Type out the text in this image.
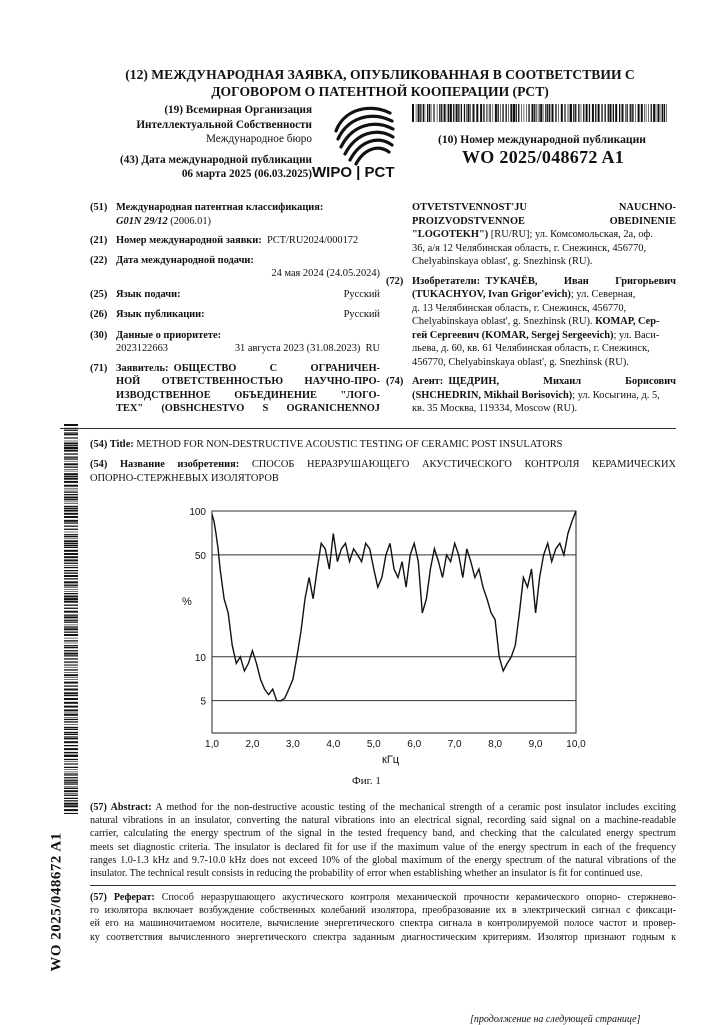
(12) МЕЖДУНАРОДНАЯ ЗАЯВКА, ОПУБЛИКОВАННАЯ В СООТВЕТСТВИИ С ДОГОВОРОМ О ПАТЕНТНОЙ КООПЕРАЦИИ (PCT)
(19) Всемирная Организация
Интеллектуальной Собственности
Международное бюро
(43) Дата международной публикации
06 марта 2025 (06.03.2025) WIPO | PCT
(10) Номер международной публикации
WO 2025/048672 A1
(51) Международная патентная классификация:
G01N 29/12 (2006.01)
(21) Номер международной заявки:
PCT/RU2024/000172
(22) Дата международной подачи:
24 мая 2024 (24.05.2024)
(25) Язык подачи:	Русский
(26) Язык публикации:	Русский
(30) Данные о приоритете:
2023122663	31 августа 2023 (31.08.2023)
RU
(71) Заявитель:
ОБЩЕСТВО С ОГРАНИЧЕН-
НОЙ ОТВЕТСТВЕННОСТЬЮ НАУЧНО-ПРО-
ИЗВОДСТВЕННОЕ ОБЪЕДИНЕНИЕ "ЛОГО-
ТЕХ" (OBSHCHESTVO S OGRANICHENNOJ
OTVETSTVENNOST'JU NAUCHNO-
PROIZVODSTVENNOE OBEDINENIE
"LOGOTEKH") [RU/RU]; ул. Комсомольская, 2а, оф.
36, а/я 12 Челябинская область, г. Снежинск, 456770,
Chelyabinskaya oblast', g. Snezhinsk (RU).
(72) Изобретатели:
ТУКАЧЁВ, Иван Григорьевич
(TUKACHYOV, Ivan Grigor'evich); ул. Северная,
д. 13 Челябинская область, г. Снежинск, 456770,
Chelyabinskaya oblast', g. Snezhinsk (RU). КОМАР, Сер-
гей Сергеевич (KOMAR, Sergej Sergeevich); ул. Васи-
льева, д. 60, кв. 61 Челябинская область, г. Снежинск,
456770, Chelyabinskaya oblast', g. Snezhinsk (RU).
(74) Агент:
ЩЕДРИН, Михаил Борисович
(SHCHEDRIN, Mikhail Borisovich); ул. Косыгина, д. 5,
кв. 35 Москва, 119334, Moscow (RU).
WO 2025/048672 A1
(54) Title: METHOD FOR NON-DESTRUCTIVE ACOUSTIC TESTING OF CERAMIC POST INSULATORS
(54) Название изобретения: СПОСОБ НЕРАЗРУШАЮЩЕГО АКУСТИЧЕСКОГО КОНТРОЛЯ КЕРАМИЧЕСКИХ
ОПОРНО-СТЕРЖНЕВЫХ ИЗОЛЯТОРОВ
100
50
10
5
1,0	2,0	3,0	4,0	5,0	6,0	7,0	8,0	9,0 10,0
%
кГц
Фиг. 1
(57) Abstract: A method for the non-destructive acoustic testing of the mechanical strength of a ceramic post insulator includes exciting
natural vibrations in an insulator, converting the natural vibrations into an electrical signal, recording said signal on a machine-readable
carrier, calculating the energy spectrum of the signal in the tested frequency band, and checking that the calculated energy spectrum
meets set diagnostic criteria. The insulator is declared fit for use if the maximum value of the energy spectrum in each of the frequency
ranges 1.0-1.3 kHz and 9.7-10.0 kHz does not exceed 10% of the global maximum of the energy spectrum of the natural vibrations of the
insulator. The technical result consists in reducing the probability of error when establishing whether an insulator is fit for continued use.
(57) Реферат: Способ неразрушающего акустического контроля механической прочности керамического опорно- стержнево-
го изолятора включает возбуждение собственных колебаний изолятора, преобразование их в электрический сигнал с фиксаци-
ей его на машиночитаемом носителе, вычисление энергетического спектра сигнала в контролируемой полосе частот и провер-
ку соответствия вычисленного энергетического спектра заданным диагностическим критериям. Изолятор признают годным к
[продолжение на следующей странице]
